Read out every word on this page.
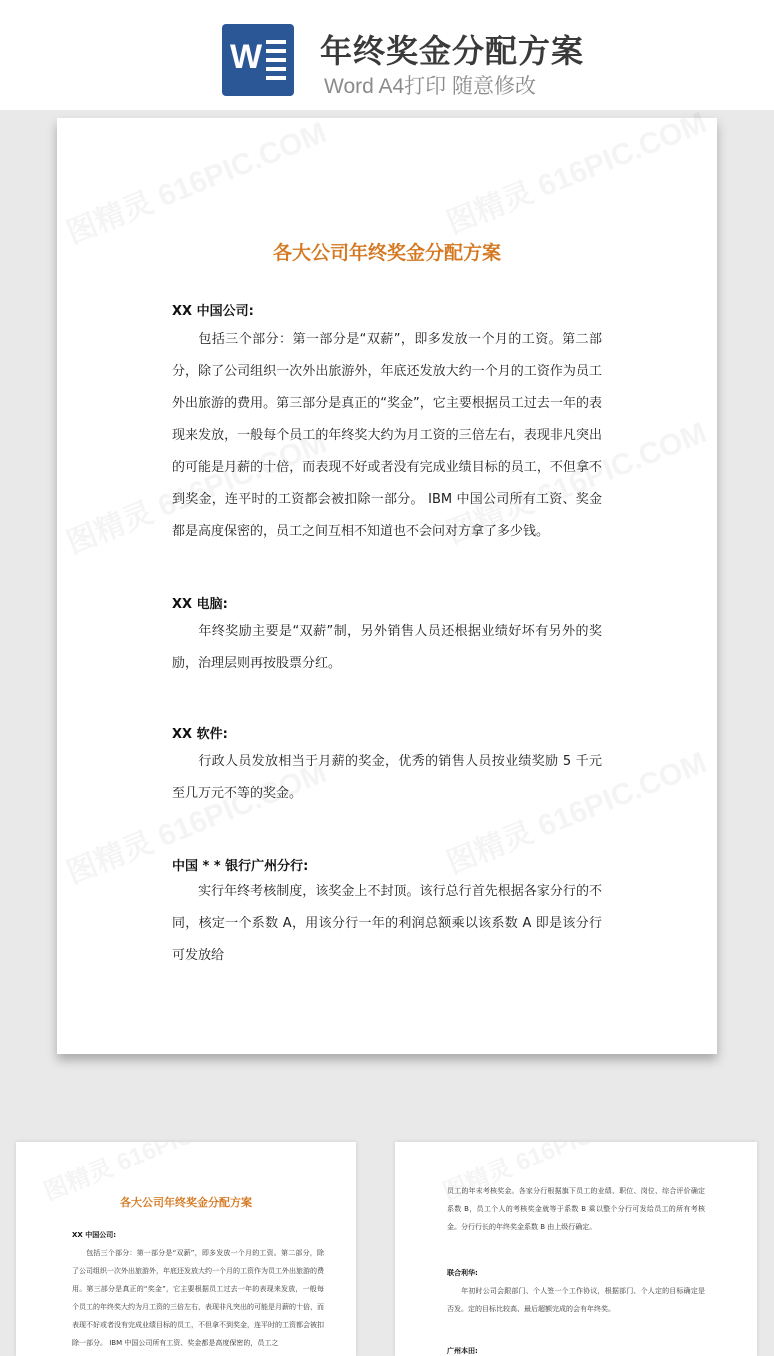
W 年终奖金分配方案
Word A4打印 随意修改
各大公司年终奖金分配方案
XX 中国公司:
包括三个部分：第一部分是“双薪”，即多发放一个月的工资。第二部分，除了公司组织一次外出旅游外，年底还发放大约一个月的工资作为员工外出旅游的费用。第三部分是真正的“奖金”，它主要根据员工过去一年的表现来发放，一般每个员工的年终奖大约为月工资的三倍左右，表现非凡突出的可能是月薪的十倍，而表现不好或者没有完成业绩目标的员工，不但拿不到奖金，连平时的工资都会被扣除一部分。 IBM 中国公司所有工资、奖金都是高度保密的，员工之间互相不知道也不会问对方拿了多少钱。
XX 电脑:
年终奖励主要是“双薪”制，另外销售人员还根据业绩好坏有另外的奖励，治理层则再按股票分红。
XX 软件:
行政人员发放相当于月薪的奖金，优秀的销售人员按业绩奖励 5 千元至几万元不等的奖金。
中国 * * 银行广州分行:
实行年终考核制度，该奖金上不封顶。该行总行首先根据各家分行的不同，核定一个系数 A，用该分行一年的利润总额乘以该系数 A 即是该分行可发放给
各大公司年终奖金分配方案
XX 中国公司:
包括三个部分：第一部分是“双薪”，即多发放一个月的工资。第二部分，除了公司组织一次外出旅游外，年底还发放大约一个月的工资作为员工外出旅游的费用。第三部分是真正的“奖金”，它主要根据员工过去一年的表现来发放，一般每个员工的年终奖大约为月工资的三倍左右，表现非凡突出的可能是月薪的十倍，而表现不好或者没有完成业绩目标的员工，不但拿不到奖金，连平时的工资都会被扣除一部分。 IBM 中国公司所有工资、奖金都是高度保密的，员工之
员工的年末考核奖金。各家分行根据旗下员工的业绩、职位、岗位、综合评价确定系数 B，员工个人的考核奖金就等于系数 B 乘以整个分行可发给员工的所有考核金。分行行长的年终奖金系数 B 由上级行确定。
联合利华:
年初时公司会跟部门、个人签一个工作协议，根据部门、个人定的目标确定是否发。定的目标比较高、最后超额完成的会有年终奖。
广州本田:
